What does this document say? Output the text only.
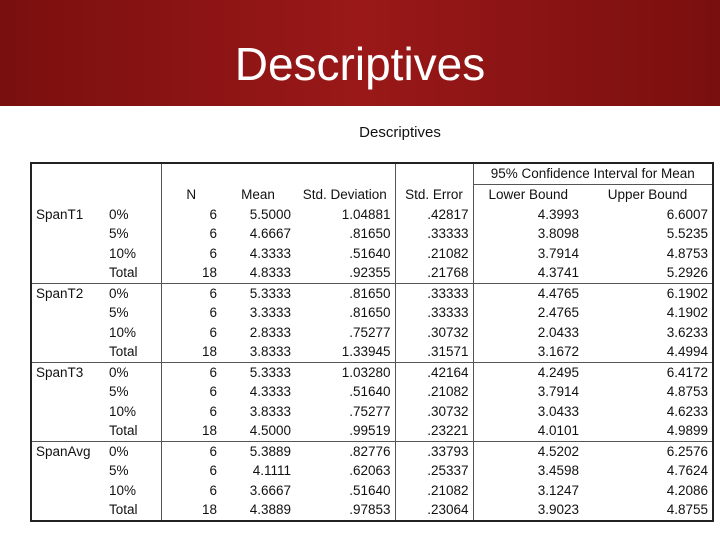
Descriptives
Descriptives
		N	Mean	Std. Deviation	Std. Error	95% Confidence Interval for Mean	
						Lower Bound	Upper Bound
SpanT1	0%	6	5.5000	1.04881	.42817	4.3993	6.6007
	5%	6	4.6667	.81650	.33333	3.8098	5.5235
	10%	6	4.3333	.51640	.21082	3.7914	4.8753
	Total	18	4.8333	.92355	.21768	4.3741	5.2926
SpanT2	0%	6	5.3333	.81650	.33333	4.4765	6.1902
	5%	6	3.3333	.81650	.33333	2.4765	4.1902
	10%	6	2.8333	.75277	.30732	2.0433	3.6233
	Total	18	3.8333	1.33945	.31571	3.1672	4.4994
SpanT3	0%	6	5.3333	1.03280	.42164	4.2495	6.4172
	5%	6	4.3333	.51640	.21082	3.7914	4.8753
	10%	6	3.8333	.75277	.30732	3.0433	4.6233
	Total	18	4.5000	.99519	.23221	4.0101	4.9899
SpanAvg	0%	6	5.3889	.82776	.33793	4.5202	6.2576
	5%	6	4.1111	.62063	.25337	3.4598	4.7624
	10%	6	3.6667	.51640	.21082	3.1247	4.2086
	Total	18	4.3889	.97853	.23064	3.9023	4.8755
